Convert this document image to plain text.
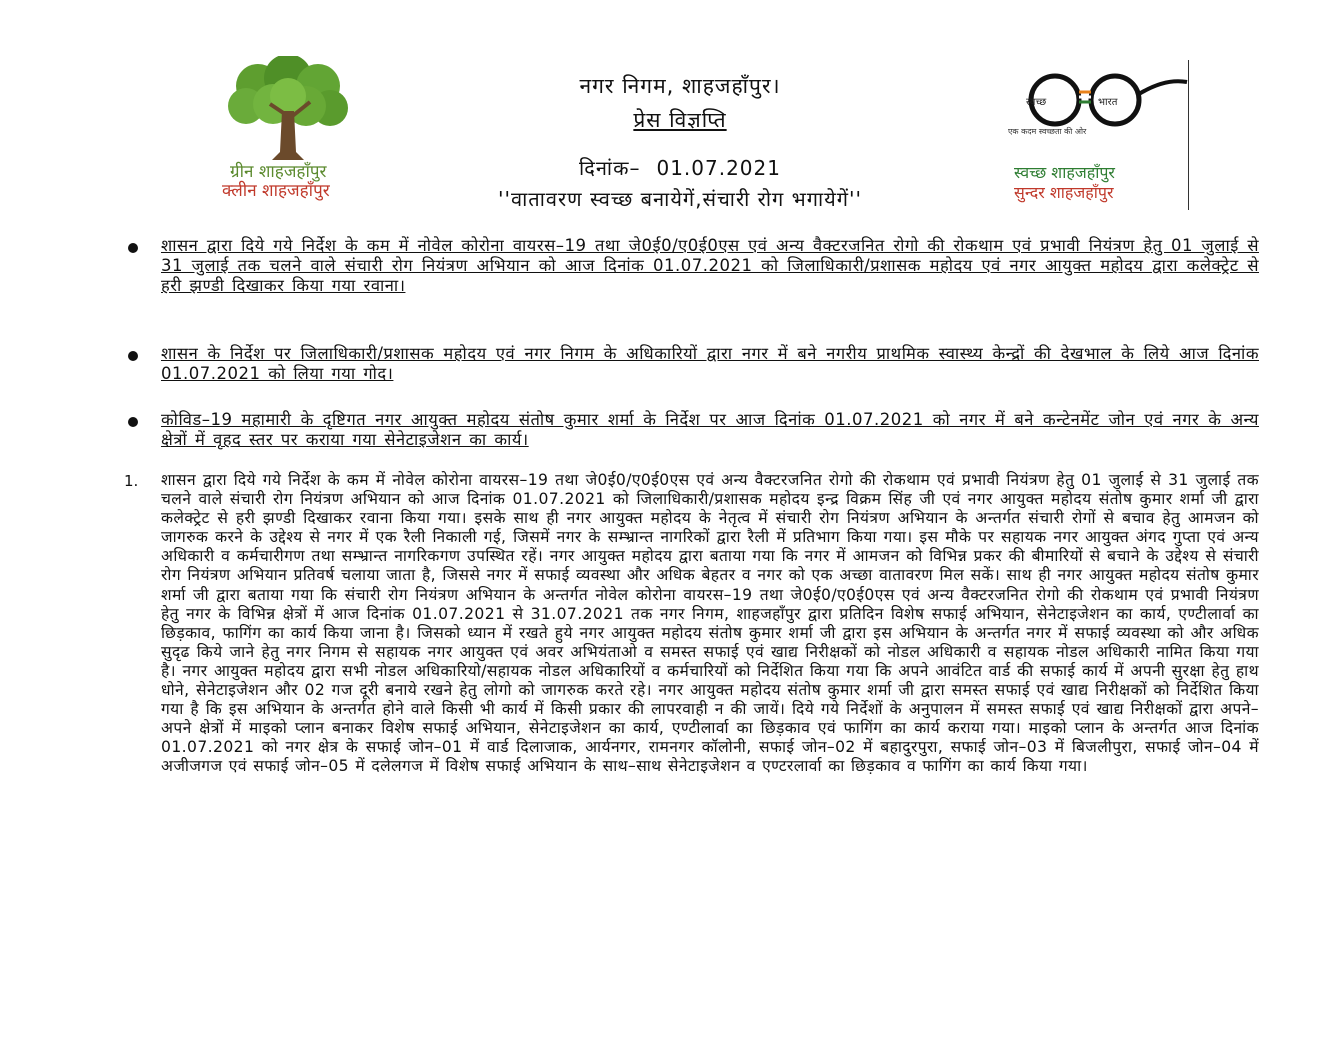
ग्रीन शाहजहाँपुर
क्लीन शाहजहाँपुर

नगर निगम, शाहजहाँपुर।

प्रेस विज्ञप्ति

दिनांक– 01.07.2021

''वातावरण स्वच्छ बनायेगें,संचारी रोग भगायेगें''

स्वच्छ	भारत
एक कदम स्वच्छता की ओर
स्वच्छ शाहजहाँपुर
सुन्दर शाहजहाँपुर
शासन द्वारा दिये गये निर्देश के कम में नोवेल कोरोना वायरस–19 तथा जे0ई0/ए0ई0एस एवं अन्य वैक्टरजनित रोगो की रोकथाम एवं प्रभावी नियंत्रण हेतु 01 जुलाई से 31 जुलाई तक चलने वाले संचारी रोग नियंत्रण अभियान को आज दिनांक 01.07.2021 को जिलाधिकारी/प्रशासक महोदय एवं नगर आयुक्त महोदय द्वारा कलेक्ट्रेट से हरी झण्डी दिखाकर किया गया रवाना।
शासन के निर्देश पर जिलाधिकारी/प्रशासक महोदय एवं नगर निगम के अधिकारियों द्वारा नगर में बने नगरीय प्राथमिक स्वास्थ्य केन्द्रों की देखभाल के लिये आज दिनांक 01.07.2021 को लिया गया गोद।
कोविड–19 महामारी के दृष्टिगत नगर आयुक्त महोदय संतोष कुमार शर्मा के निर्देश पर आज दिनांक 01.07.2021 को नगर में बने कन्टेनमेंट जोन एवं नगर के अन्य क्षेत्रों में वृहद स्तर पर कराया गया सेनेटाइजेशन का कार्य।
1. शासन द्वारा दिये गये निर्देश के कम में नोवेल कोरोना वायरस–19 तथा जे0ई0/ए0ई0एस एवं अन्य वैक्टरजनित रोगो की रोकथाम एवं प्रभावी नियंत्रण हेतु 01 जुलाई से 31 जुलाई तक चलने वाले संचारी रोग नियंत्रण अभियान को आज दिनांक 01.07.2021 को जिलाधिकारी/प्रशासक महोदय इन्द्र विक्रम सिंह जी एवं नगर आयुक्त महोदय संतोष कुमार शर्मा जी द्वारा कलेक्ट्रेट से हरी झण्डी दिखाकर रवाना किया गया। इसके साथ ही नगर आयुक्त महोदय के नेतृत्व में संचारी रोग नियंत्रण अभियान के अन्तर्गत संचारी रोगों से बचाव हेतु आमजन को जागरुक करने के उद्देश्य से नगर में एक रैली निकाली गई, जिसमें नगर के सम्भ्रान्त नागरिकों द्वारा रैली में प्रतिभाग किया गया। इस मौके पर सहायक नगर आयुक्त अंगद गुप्ता एवं अन्य अधिकारी व कर्मचारीगण तथा सम्भ्रान्त नागरिकगण उपस्थित रहें। नगर आयुक्त महोदय द्वारा बताया गया कि नगर में आमजन को विभिन्न प्रकर की बीमारियों से बचाने के उद्देश्य से संचारी रोग नियंत्रण अभियान प्रतिवर्ष चलाया जाता है, जिससे नगर में सफाई व्यवस्था और अधिक बेहतर व नगर को एक अच्छा वातावरण मिल सकें। साथ ही नगर आयुक्त महोदय संतोष कुमार शर्मा जी द्वारा बताया गया कि संचारी रोग नियंत्रण अभियान के अन्तर्गत नोवेल कोरोना वायरस–19 तथा जे0ई0/ए0ई0एस एवं अन्य वैक्टरजनित रोगो की रोकथाम एवं प्रभावी नियंत्रण हेतु नगर के विभिन्न क्षेत्रों में आज दिनांक 01.07.2021 से 31.07.2021 तक नगर निगम, शाहजहाँपुर द्वारा प्रतिदिन विशेष सफाई अभियान, सेनेटाइजेशन का कार्य, एण्टीलार्वा का छिड़काव, फागिंग का कार्य किया जाना है। जिसको ध्यान में रखते हुये नगर आयुक्त महोदय संतोष कुमार शर्मा जी द्वारा इस अभियान के अन्तर्गत नगर में सफाई व्यवस्था को और अधिक सुदृढ किये जाने हेतु नगर निगम से सहायक नगर आयुक्त एवं अवर अभियंताओ व समस्त सफाई एवं खाद्य निरीक्षकों को नोडल अधिकारी व सहायक नोडल अधिकारी नामित किया गया है। नगर आयुक्त महोदय द्वारा सभी नोडल अधिकारियो/सहायक नोडल अधिकारियों व कर्मचारियों को निर्देशित किया गया कि अपने आवंटित वार्ड की सफाई कार्य में अपनी सुरक्षा हेतु हाथ धोने, सेनेटाइजेशन और 02 गज दूरी बनाये रखने हेतु लोगो को जागरुक करते रहे। नगर आयुक्त महोदय संतोष कुमार शर्मा जी द्वारा समस्त सफाई एवं खाद्य निरीक्षकों को निर्देशित किया गया है कि इस अभियान के अन्तर्गत होने वाले किसी भी कार्य में किसी प्रकार की लापरवाही न की जायें। दिये गये निर्देशों के अनुपालन में समस्त सफाई एवं खाद्य निरीक्षकों द्वारा अपने–अपने क्षेत्रों में माइको प्लान बनाकर विशेष सफाई अभियान, सेनेटाइजेशन का कार्य, एण्टीलार्वा का छिड़काव एवं फागिंग का कार्य कराया गया। माइको प्लान के अन्तर्गत आज दिनांक 01.07.2021 को नगर क्षेत्र के सफाई जोन–01 में वार्ड दिलाजाक, आर्यनगर, रामनगर कॉलोनी, सफाई जोन–02 में बहादुरपुरा, सफाई जोन–03 में बिजलीपुरा, सफाई जोन–04 में अजीजगज एवं सफाई जोन–05 में दलेलगज में विशेष सफाई अभियान के साथ–साथ सेनेटाइजेशन व एण्टरलार्वा का छिड़काव व फागिंग का कार्य किया गया।
